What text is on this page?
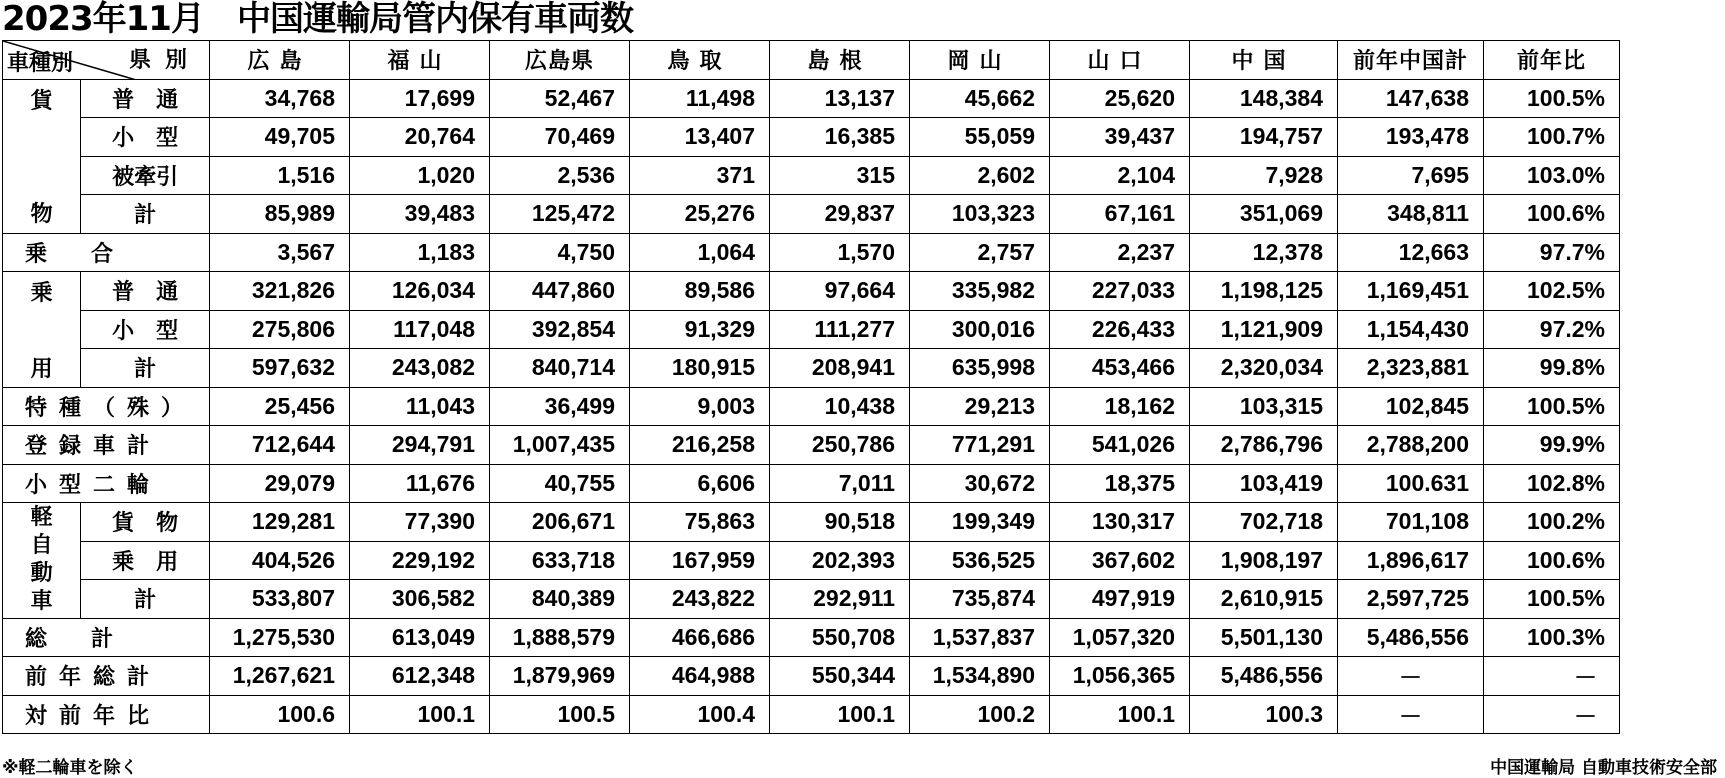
2023年11月　中国運輸局管内保有車両数
県別
車種別		広島	福山	広島県	鳥取	島根	岡山	山口	中国	前年中国計	前年比

貨
物	普　通	34,768	17,699	52,467	11,498	13,137	45,662	25,620	148,384	147,638	100.5%
	小　型	49,705	20,764	70,469	13,407	16,385	55,059	39,437	194,757	193,478	100.7%
	被牽引	1,516	1,020	2,536	371	315	2,602	2,104	7,928	7,695	103.0%
	計	85,989	39,483	125,472	25,276	29,837	103,323	67,161	351,069	348,811	100.6%

乗　　合		3,567	1,183	4,750	1,064	1,570	2,757	2,237	12,378	12,663	97.7%

乗
用	普　通	321,826	126,034	447,860	89,586	97,664	335,982	227,033	1,198,125	1,169,451	102.5%
	小　型	275,806	117,048	392,854	91,329	111,277	300,016	226,433	1,121,909	1,154,430	97.2%
	計	597,632	243,082	840,714	180,915	208,941	635,998	453,466	2,320,034	2,323,881	99.8%

特種（殊）		25,456	11,043	36,499	9,003	10,438	29,213	18,162	103,315	102,845	100.5%

登録車計		712,644	294,791	1,007,435	216,258	250,786	771,291	541,026	2,786,796	2,788,200	99.9%

小型二輪		29,079	11,676	40,755	6,606	7,011	30,672	18,375	103,419	100.631	102.8%

軽
自
動
車	貨　物	129,281	77,390	206,671	75,863	90,518	199,349	130,317	702,718	701,108	100.2%
	乗　用	404,526	229,192	633,718	167,959	202,393	536,525	367,602	1,908,197	1,896,617	100.6%
	計	533,807	306,582	840,389	243,822	292,911	735,874	497,919	2,610,915	2,597,725	100.5%

総　　計		1,275,530	613,049	1,888,579	466,686	550,708	1,537,837	1,057,320	5,501,130	5,486,556	100.3%

前年総計		1,267,621	612,348	1,879,969	464,988	550,344	1,534,890	1,056,365	5,486,556	－	－

対前年比		100.6	100.1	100.5	100.4	100.1	100.2	100.1	100.3	－	－
※軽二輪車を除く	中国運輸局 自動車技術安全部
